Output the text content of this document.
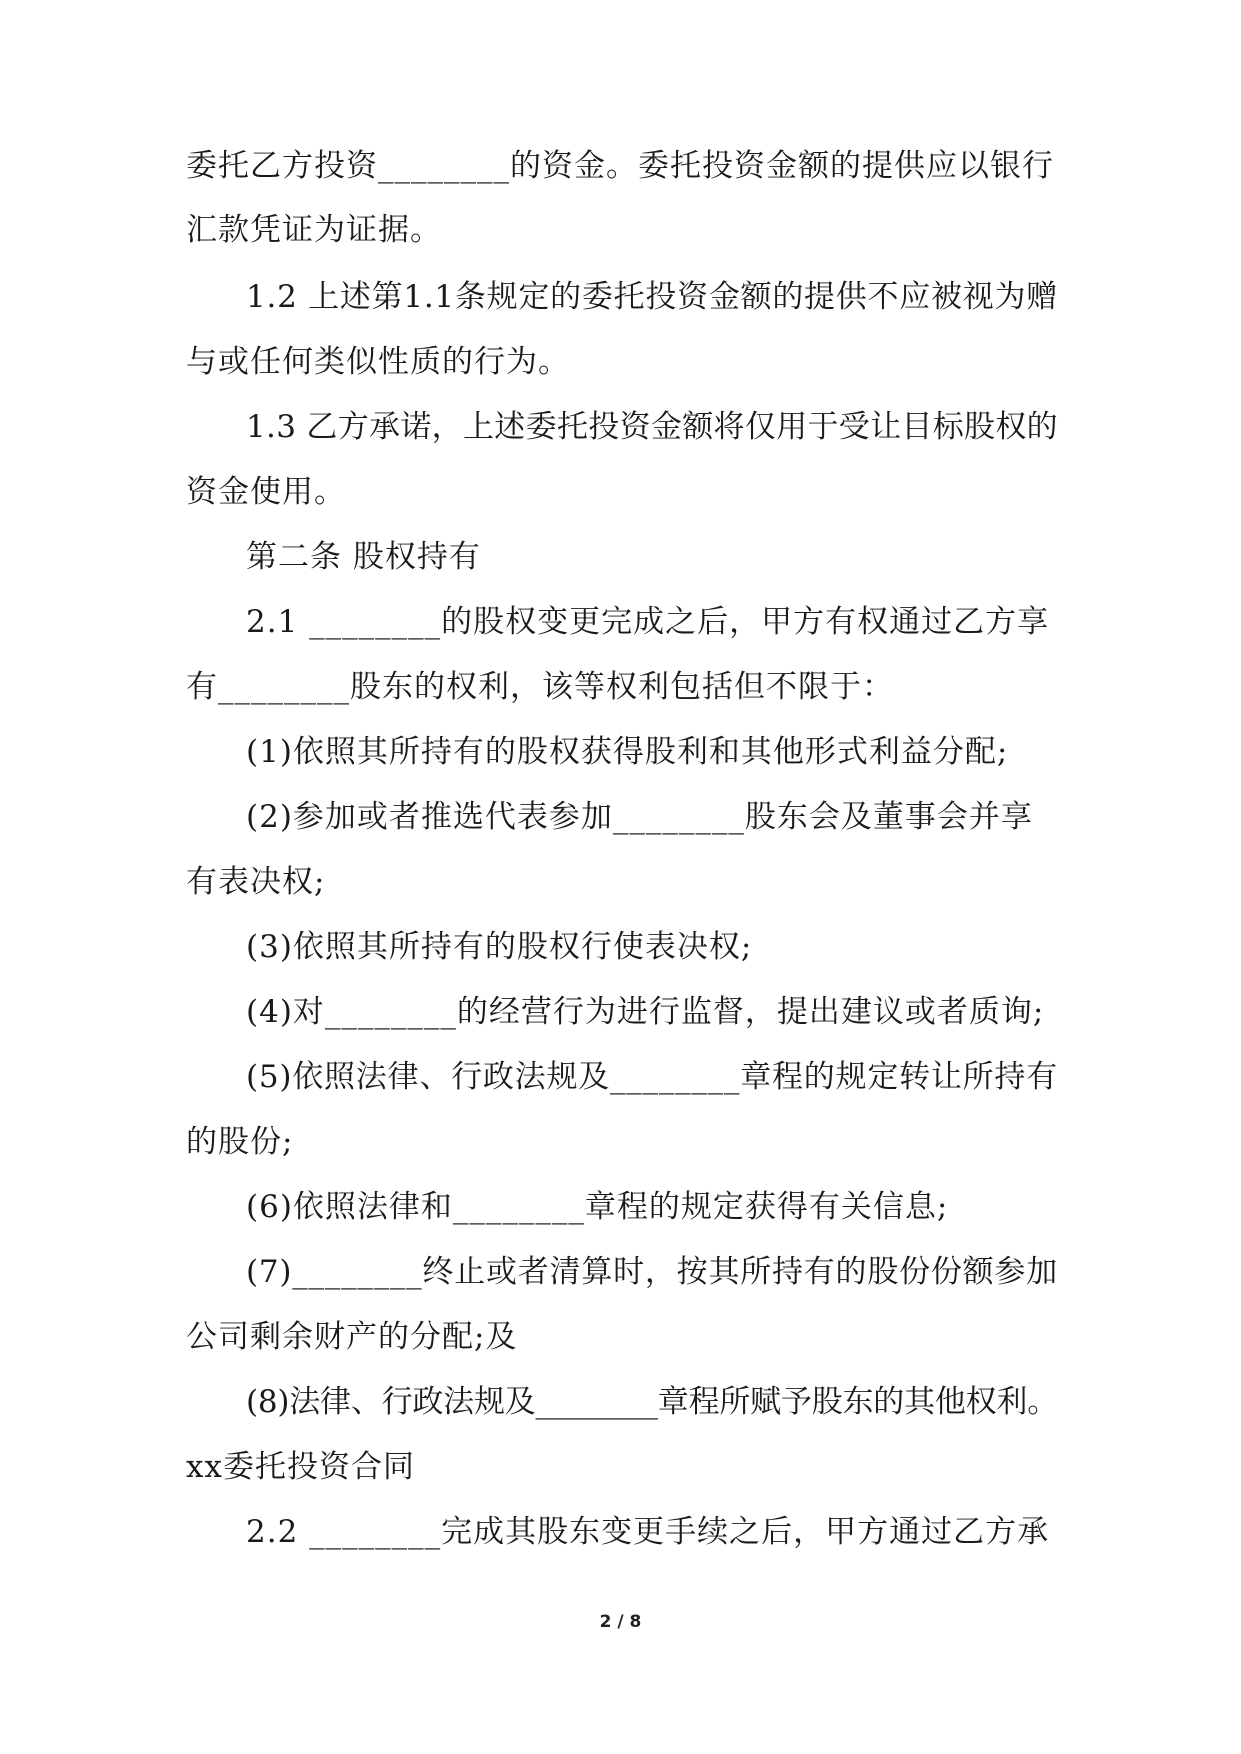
委托乙方投资________的资金。委托投资金额的提供应以银行
汇款凭证为证据。
1.2 上述第1.1条规定的委托投资金额的提供不应被视为赠
与或任何类似性质的行为。
1.3 乙方承诺，上述委托投资金额将仅用于受让目标股权的
资金使用。
第二条 股权持有
2.1 ________的股权变更完成之后，甲方有权通过乙方享
有________股东的权利，该等权利包括但不限于：
(1)依照其所持有的股权获得股利和其他形式利益分配;
(2)参加或者推选代表参加________股东会及董事会并享
有表决权;
(3)依照其所持有的股权行使表决权;
(4)对________的经营行为进行监督，提出建议或者质询;
(5)依照法律、行政法规及________章程的规定转让所持有
的股份;
(6)依照法律和________章程的规定获得有关信息;
(7)________终止或者清算时，按其所持有的股份份额参加
公司剩余财产的分配;及
(8)法律、行政法规及________章程所赋予股东的其他权利。
xx委托投资合同
2.2 ________完成其股东变更手续之后，甲方通过乙方承
2 / 8
